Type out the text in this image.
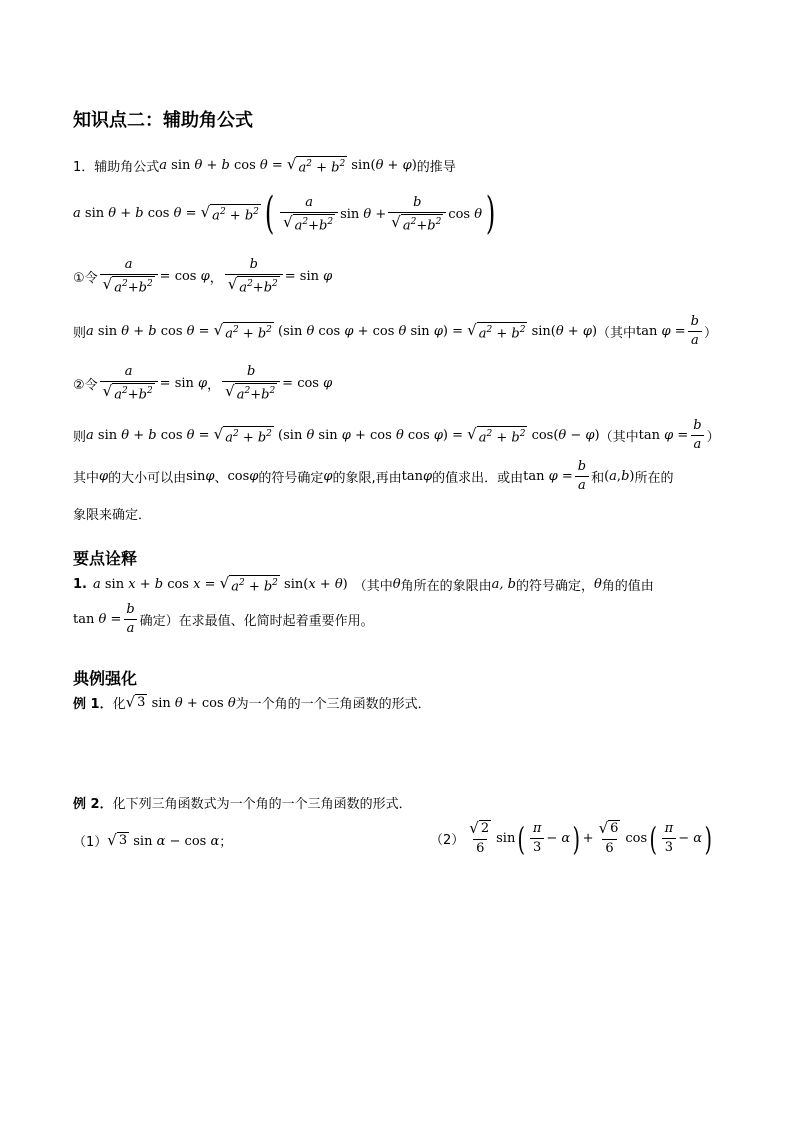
知识点二：辅助角公式
1．辅助角公式 a sin θ + b cos θ = √ $a^2 + b^2$ sin(θ + φ) 的推导
a sin θ + b cos θ = √ $a^2 + b^2$ ( $\frac{a}{√ a^2+b^2}$ $\sin \theta + \frac{b}{√ a^2+b^2}$ cos θ )
①令 $\frac{a}{√ a^2+b^2} = \cos \varphi$ ， $\frac{b}{√ a^2+b^2} = \sin \varphi$
则 a sin θ + b cos θ = √ $a^2 + b^2$ (sin θ cos φ + cos θ sin φ) = √ $a^2 + b^2$ sin(θ + φ) （其中 $\tan \varphi = \frac{b}{a}$ ）
②令 $\frac{a}{√ a^2+b^2} = \sin \varphi$ ， $\frac{b}{√ a^2+b^2} = \cos \varphi$
则 a sin θ + b cos θ = √ $a^2 + b^2$ (sin θ sin φ + cos θ cos φ) = √ $a^2 + b^2$ cos(θ − φ) （其中 $\tan \varphi = \frac{b}{a}$ ）
其中 φ 的大小可以由 sinφ 、 cosφ 的符号确定 φ 的象限,再由 tanφ 的值求出．或由 $\tan \varphi = \frac{b}{a}$ 和 (a,b) 所在的
象限来确定．
要点诠释
1. a sin x + b cos x = √ $a^2 + b^2$ sin(x + θ) （其中 θ 角所在的象限由 a, b 的符号确定， θ 角的值由
$\tan \theta = \frac{b}{a}$ 确定）在求最值、化简时起着重要作用。
典例强化
例 1． 化 √ 3 sin θ + cos θ 为一个角的一个三角函数的形式．
例 2． 化下列三角函数式为一个角的一个三角函数的形式．
（1） √ 3 sin α − cos α ；	$(2) \frac{√ 2}{6}$ sin ( $\frac{\pi}{3} - \alpha$ ) + $\frac{√ 6}{6}$ cos ( $\frac{\pi}{3} - \alpha$ )
